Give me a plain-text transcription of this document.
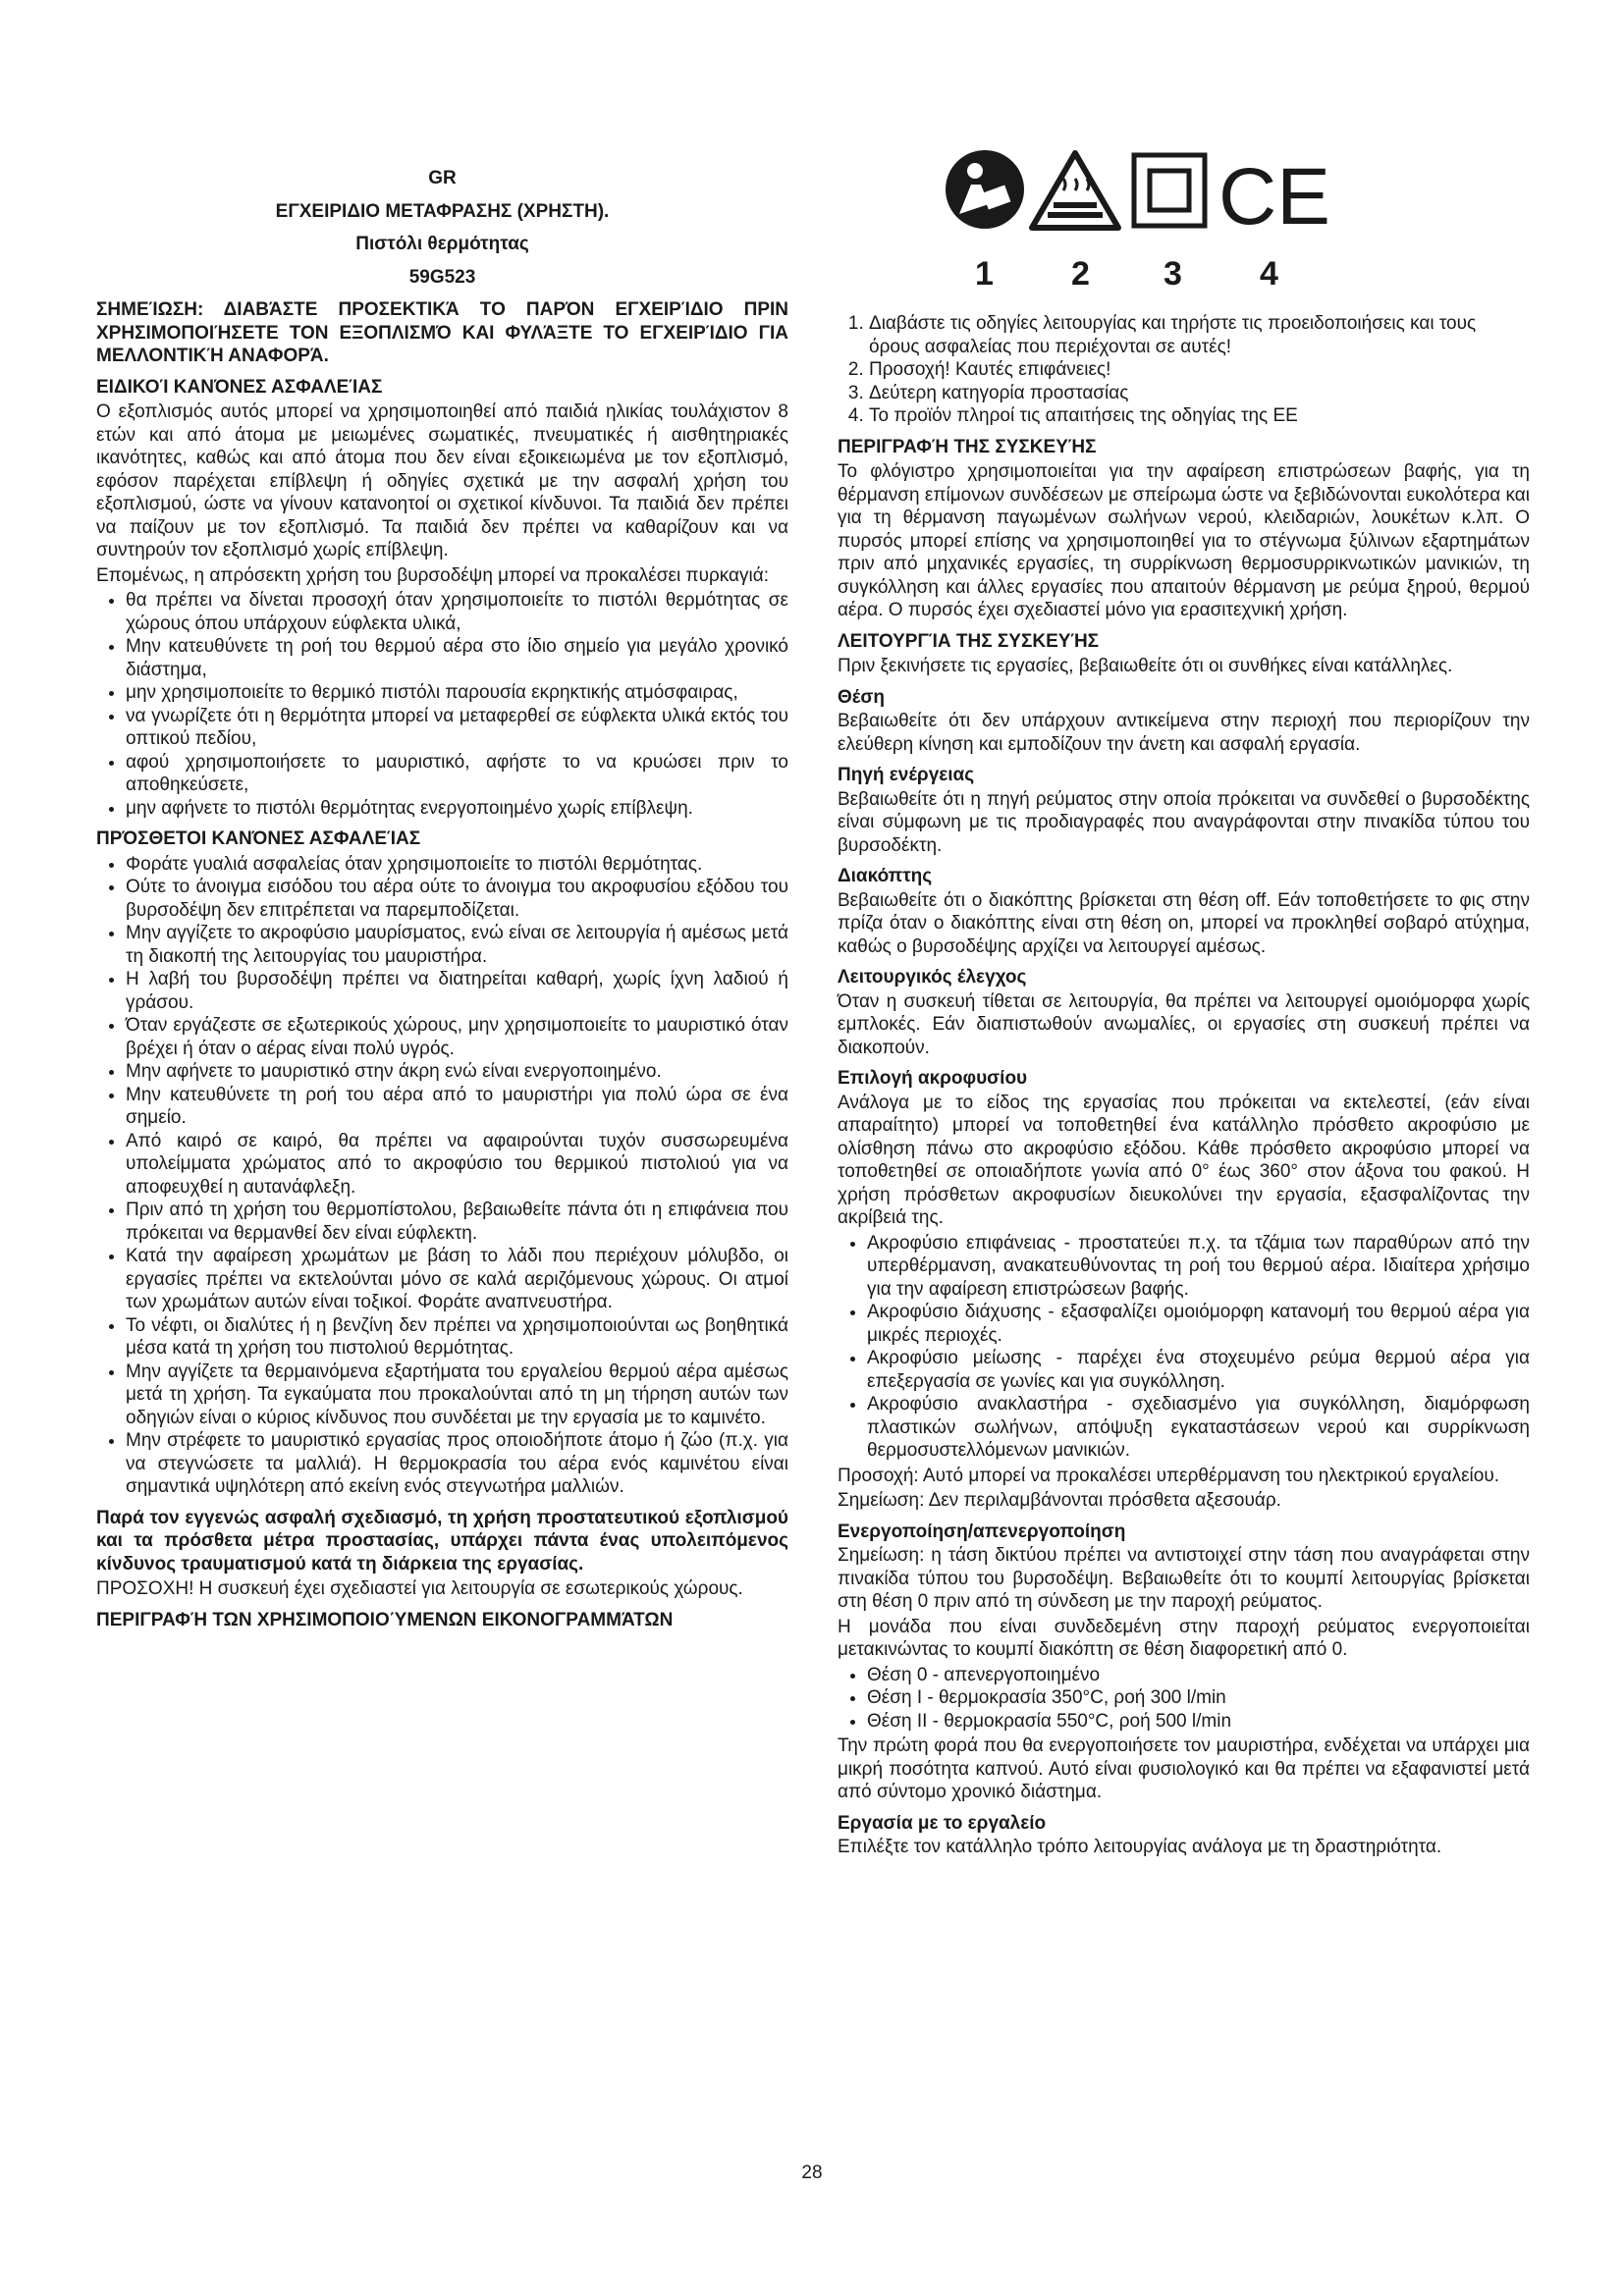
GR
ΕΓΧΕΙΡΙΔΙΟ ΜΕΤΑΦΡΑΣΗΣ (ΧΡΗΣΤΗ).
Πιστόλι θερμότητας
59G523

ΣΗΜΕΊΩΣΗ: ΔΙΑΒΆΣΤΕ ΠΡΟΣΕΚΤΙΚΆ ΤΟ ΠΑΡΌΝ ΕΓΧΕΙΡΊΔΙΟ ΠΡΙΝ ΧΡΗΣΙΜΟΠΟΙΉΣΕΤΕ ΤΟΝ ΕΞΟΠΛΙΣΜΌ ΚΑΙ ΦΥΛΆΞΤΕ ΤΟ ΕΓΧΕΙΡΊΔΙΟ ΓΙΑ ΜΕΛΛΟΝΤΙΚΉ ΑΝΑΦΟΡΆ.

ΕΙΔΙΚΟΊ ΚΑΝΌΝΕΣ ΑΣΦΑΛΕΊΑΣ

Ο εξοπλισμός αυτός μπορεί να χρησιμοποιηθεί από παιδιά ηλικίας τουλάχιστον 8 ετών και από άτομα με μειωμένες σωματικές, πνευματικές ή αισθητηριακές ικανότητες, καθώς και από άτομα που δεν είναι εξοικειωμένα με τον εξοπλισμό, εφόσον παρέχεται επίβλεψη ή οδηγίες σχετικά με την ασφαλή χρήση του εξοπλισμού, ώστε να γίνουν κατανοητοί οι σχετικοί κίνδυνοι. Τα παιδιά δεν πρέπει να παίζουν με τον εξοπλισμό. Τα παιδιά δεν πρέπει να καθαρίζουν και να συντηρούν τον εξοπλισμό χωρίς επίβλεψη.

Επομένως, η απρόσεκτη χρήση του βυρσοδέψη μπορεί να προκαλέσει πυρκαγιά:

• θα πρέπει να δίνεται προσοχή όταν χρησιμοποιείτε το πιστόλι θερμότητας σε χώρους όπου υπάρχουν εύφλεκτα υλικά,
• Μην κατευθύνετε τη ροή του θερμού αέρα στο ίδιο σημείο για μεγάλο χρονικό διάστημα,
• μην χρησιμοποιείτε το θερμικό πιστόλι παρουσία εκρηκτικής ατμόσφαιρας,
• να γνωρίζετε ότι η θερμότητα μπορεί να μεταφερθεί σε εύφλεκτα υλικά εκτός του οπτικού πεδίου,
• αφού χρησιμοποιήσετε το μαυριστικό, αφήστε το να κρυώσει πριν το αποθηκεύσετε,
• μην αφήνετε το πιστόλι θερμότητας ενεργοποιημένο χωρίς επίβλεψη.
ΠΡΌΣΘΕΤΟΙ ΚΑΝΌΝΕΣ ΑΣΦΑΛΕΊΑΣ
• Φοράτε γυαλιά ασφαλείας όταν χρησιμοποιείτε το πιστόλι θερμότητας.
• Ούτε το άνοιγμα εισόδου του αέρα ούτε το άνοιγμα του ακροφυσίου εξόδου του βυρσοδέψη δεν επιτρέπεται να παρεμποδίζεται.
• Μην αγγίζετε το ακροφύσιο μαυρίσματος, ενώ είναι σε λειτουργία ή αμέσως μετά τη διακοπή της λειτουργίας του μαυριστήρα.
• Η λαβή του βυρσοδέψη πρέπει να διατηρείται καθαρή, χωρίς ίχνη λαδιού ή γράσου.
• Όταν εργάζεστε σε εξωτερικούς χώρους, μην χρησιμοποιείτε το μαυριστικό όταν βρέχει ή όταν ο αέρας είναι πολύ υγρός.
• Μην αφήνετε το μαυριστικό στην άκρη ενώ είναι ενεργοποιημένο.
• Μην κατευθύνετε τη ροή του αέρα από το μαυριστήρι για πολύ ώρα σε ένα σημείο.
• Από καιρό σε καιρό, θα πρέπει να αφαιρούνται τυχόν συσσωρευμένα υπολείμματα χρώματος από το ακροφύσιο του θερμικού πιστολιού για να αποφευχθεί η αυτανάφλεξη.
• Πριν από τη χρήση του θερμοπίστολου, βεβαιωθείτε πάντα ότι η επιφάνεια που πρόκειται να θερμανθεί δεν είναι εύφλεκτη.
• Κατά την αφαίρεση χρωμάτων με βάση το λάδι που περιέχουν μόλυβδο, οι εργασίες πρέπει να εκτελούνται μόνο σε καλά αεριζόμενους χώρους. Οι ατμοί των χρωμάτων αυτών είναι τοξικοί. Φοράτε αναπνευστήρα.
• Το νέφτι, οι διαλύτες ή η βενζίνη δεν πρέπει να χρησιμοποιούνται ως βοηθητικά μέσα κατά τη χρήση του πιστολιού θερμότητας.
• Μην αγγίζετε τα θερμαινόμενα εξαρτήματα του εργαλείου θερμού αέρα αμέσως μετά τη χρήση. Τα εγκαύματα που προκαλούνται από τη μη τήρηση αυτών των οδηγιών είναι ο κύριος κίνδυνος που συνδέεται με την εργασία με το καμινέτο.
• Μην στρέφετε το μαυριστικό εργασίας προς οποιοδήποτε άτομο ή ζώο (π.χ. για να στεγνώσετε τα μαλλιά). Η θερμοκρασία του αέρα ενός καμινέτου είναι σημαντικά υψηλότερη από εκείνη ενός στεγνωτήρα μαλλιών.

Παρά τον εγγενώς ασφαλή σχεδιασμό, τη χρήση προστατευτικού εξοπλισμού και τα πρόσθετα μέτρα προστασίας, υπάρχει πάντα ένας υπολειπόμενος κίνδυνος τραυματισμού κατά τη διάρκεια της εργασίας.

ΠΡΟΣΟΧΗ! Η συσκευή έχει σχεδιαστεί για λειτουργία σε εσωτερικούς χώρους.

ΠΕΡΙΓΡΑΦΉ ΤΩΝ ΧΡΗΣΙΜΟΠΟΙΟΎΜΕΝΩΝ ΕΙΚΟΝΟΓΡΑΜΜΆΤΩΝ
CE
1 2 3 4
1. Διαβάστε τις οδηγίες λειτουργίας και τηρήστε τις προειδοποιήσεις και τους όρους ασφαλείας που περιέχονται σε αυτές!
2. Προσοχή! Καυτές επιφάνειες!
3. Δεύτερη κατηγορία προστασίας
4. Το προϊόν πληροί τις απαιτήσεις της οδηγίας της ΕΕ
ΠΕΡΙΓΡΑΦΉ ΤΗΣ ΣΥΣΚΕΥΉΣ

Το φλόγιστρο χρησιμοποιείται για την αφαίρεση επιστρώσεων βαφής, για τη θέρμανση επίμονων συνδέσεων με σπείρωμα ώστε να ξεβιδώνονται ευκολότερα και για τη θέρμανση παγωμένων σωλήνων νερού, κλειδαριών, λουκέτων κ.λπ. Ο πυρσός μπορεί επίσης να χρησιμοποιηθεί για το στέγνωμα ξύλινων εξαρτημάτων πριν από μηχανικές εργασίες, τη συρρίκνωση θερμοσυρρικνωτικών μανικιών, τη συγκόλληση και άλλες εργασίες που απαιτούν θέρμανση με ρεύμα ξηρού, θερμού αέρα. Ο πυρσός έχει σχεδιαστεί μόνο για ερασιτεχνική χρήση.

ΛΕΙΤΟΥΡΓΊΑ ΤΗΣ ΣΥΣΚΕΥΉΣ

Πριν ξεκινήσετε τις εργασίες, βεβαιωθείτε ότι οι συνθήκες είναι κατάλληλες.

Θέση

Βεβαιωθείτε ότι δεν υπάρχουν αντικείμενα στην περιοχή που περιορίζουν την ελεύθερη κίνηση και εμποδίζουν την άνετη και ασφαλή εργασία.

Πηγή ενέργειας

Βεβαιωθείτε ότι η πηγή ρεύματος στην οποία πρόκειται να συνδεθεί ο βυρσοδέκτης είναι σύμφωνη με τις προδιαγραφές που αναγράφονται στην πινακίδα τύπου του βυρσοδέκτη.

Διακόπτης

Βεβαιωθείτε ότι ο διακόπτης βρίσκεται στη θέση off. Εάν τοποθετήσετε το φις στην πρίζα όταν ο διακόπτης είναι στη θέση on, μπορεί να προκληθεί σοβαρό ατύχημα, καθώς ο βυρσοδέψης αρχίζει να λειτουργεί αμέσως.

Λειτουργικός έλεγχος

Όταν η συσκευή τίθεται σε λειτουργία, θα πρέπει να λειτουργεί ομοιόμορφα χωρίς εμπλοκές. Εάν διαπιστωθούν ανωμαλίες, οι εργασίες στη συσκευή πρέπει να διακοπούν.

Επιλογή ακροφυσίου

Ανάλογα με το είδος της εργασίας που πρόκειται να εκτελεστεί, (εάν είναι απαραίτητο) μπορεί να τοποθετηθεί ένα κατάλληλο πρόσθετο ακροφύσιο με ολίσθηση πάνω στο ακροφύσιο εξόδου. Κάθε πρόσθετο ακροφύσιο μπορεί να τοποθετηθεί σε οποιαδήποτε γωνία από 0° έως 360° στον άξονα του φακού. Η χρήση πρόσθετων ακροφυσίων διευκολύνει την εργασία, εξασφαλίζοντας την ακρίβειά της.

• Ακροφύσιο επιφάνειας - προστατεύει π.χ. τα τζάμια των παραθύρων από την υπερθέρμανση, ανακατευθύνοντας τη ροή του θερμού αέρα. Ιδιαίτερα χρήσιμο για την αφαίρεση επιστρώσεων βαφής.
• Ακροφύσιο διάχυσης - εξασφαλίζει ομοιόμορφη κατανομή του θερμού αέρα για μικρές περιοχές.
• Ακροφύσιο μείωσης - παρέχει ένα στοχευμένο ρεύμα θερμού αέρα για επεξεργασία σε γωνίες και για συγκόλληση.
• Ακροφύσιο ανακλαστήρα - σχεδιασμένο για συγκόλληση, διαμόρφωση πλαστικών σωλήνων, απόψυξη εγκαταστάσεων νερού και συρρίκνωση θερμοσυστελλόμενων μανικιών.

Προσοχή: Αυτό μπορεί να προκαλέσει υπερθέρμανση του ηλεκτρικού εργαλείου.

Σημείωση: Δεν περιλαμβάνονται πρόσθετα αξεσουάρ.

Ενεργοποίηση/απενεργοποίηση

Σημείωση: η τάση δικτύου πρέπει να αντιστοιχεί στην τάση που αναγράφεται στην πινακίδα τύπου του βυρσοδέψη. Βεβαιωθείτε ότι το κουμπί λειτουργίας βρίσκεται στη θέση 0 πριν από τη σύνδεση με την παροχή ρεύματος.

Η μονάδα που είναι συνδεδεμένη στην παροχή ρεύματος ενεργοποιείται μετακινώντας το κουμπί διακόπτη σε θέση διαφορετική από 0.

• Θέση 0 - απενεργοποιημένο
• Θέση I - θερμοκρασία 350°C, ροή 300 l/min
• Θέση II - θερμοκρασία 550°C, ροή 500 l/min

Την πρώτη φορά που θα ενεργοποιήσετε τον μαυριστήρα, ενδέχεται να υπάρχει μια μικρή ποσότητα καπνού. Αυτό είναι φυσιολογικό και θα πρέπει να εξαφανιστεί μετά από σύντομο χρονικό διάστημα.

Εργασία με το εργαλείο

Επιλέξτε τον κατάλληλο τρόπο λειτουργίας ανάλογα με τη δραστηριότητα.

28
